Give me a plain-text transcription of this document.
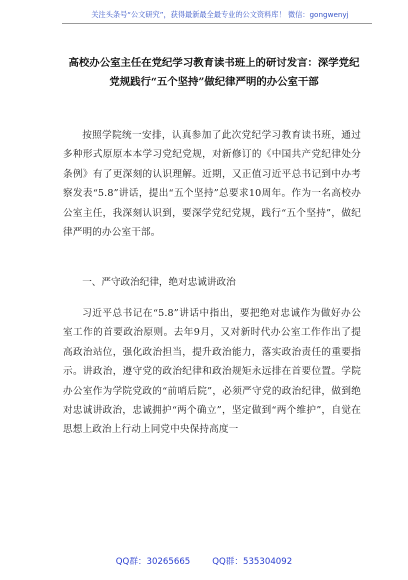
关注头条号“公文研究”，获得最新最全最专业的公文资料库！ 微信：gongwenyj
高校办公室主任在党纪学习教育读书班上的研讨发言：深学党纪党规践行“五个坚持”做纪律严明的办公室干部
按照学院统一安排，认真参加了此次党纪学习教育读书班，通过多种形式原原本本学习党纪党规，对新修订的《中国共产党纪律处分条例》有了更深刻的认识理解。近期，又正值习近平总书记到中办考察发表“5.8”讲话，提出“五个坚持”总要求10周年。作为一名高校办公室主任，我深刻认识到，要深学党纪党规，践行“五个坚持”，做纪律严明的办公室干部。
一、严守政治纪律，绝对忠诚讲政治
习近平总书记在“5.8”讲话中指出，要把绝对忠诚作为做好办公室工作的首要政治原则。去年9月，又对新时代办公室工作作出了提高政治站位，强化政治担当，提升政治能力，落实政治责任的重要指示。讲政治，遵守党的政治纪律和政治规矩永远排在首要位置。学院办公室作为学院党政的“前哨后院”，必须严守党的政治纪律，做到绝对忠诚讲政治，忠诚拥护“两个确立”，坚定做到“两个维护”，自觉在思想上政治上行动上同党中央保持高度一
QQ群：30265665	QQ群：535304092
